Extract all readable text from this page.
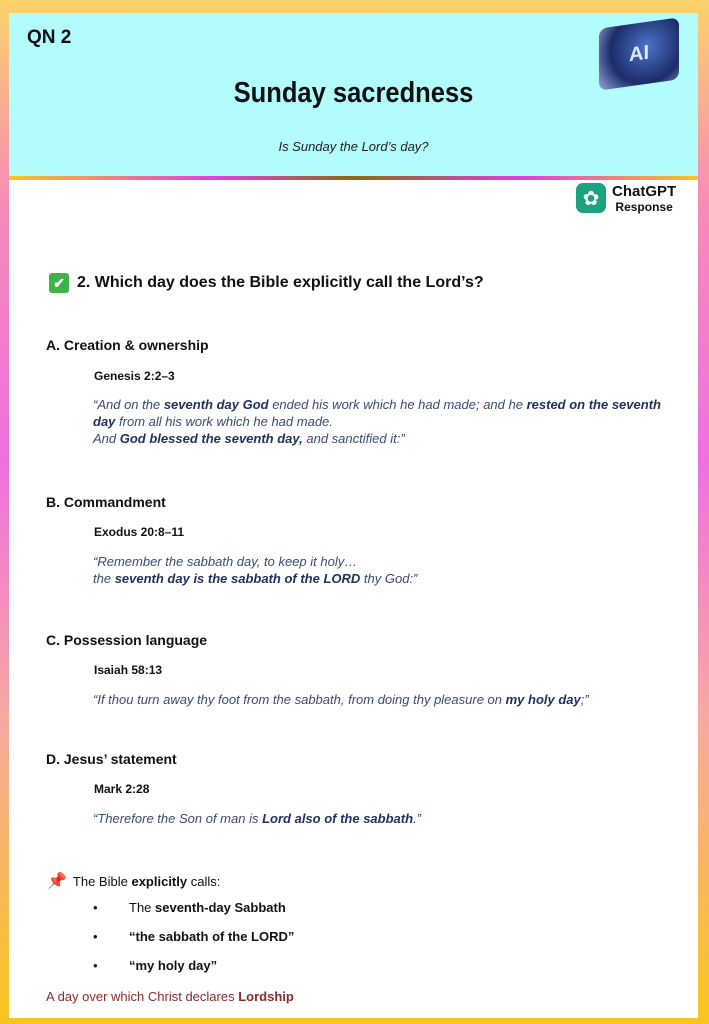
QN 2
Sunday sacredness
Is Sunday the Lord’s day?
AI
✿ ChatGPT
Response
✔ 2. Which day does the Bible explicitly call the Lord’s?
A. Creation & ownership
Genesis 2:2–3
“And on the seventh day God ended his work which he had made; and he rested on the seventh day from all his work which he had made.
And God blessed the seventh day, and sanctified it:”
B. Commandment
Exodus 20:8–11
“Remember the sabbath day, to keep it holy…
the seventh day is the sabbath of the LORD thy God:”
C. Possession language
Isaiah 58:13
“If thou turn away thy foot from the sabbath, from doing thy pleasure on my holy day;”
D. Jesus’ statement
Mark 2:28
“Therefore the Son of man is Lord also of the sabbath.”
📌 The Bible explicitly calls:
• The seventh-day Sabbath
• “the sabbath of the LORD”
• “my holy day”
A day over which Christ declares Lordship
